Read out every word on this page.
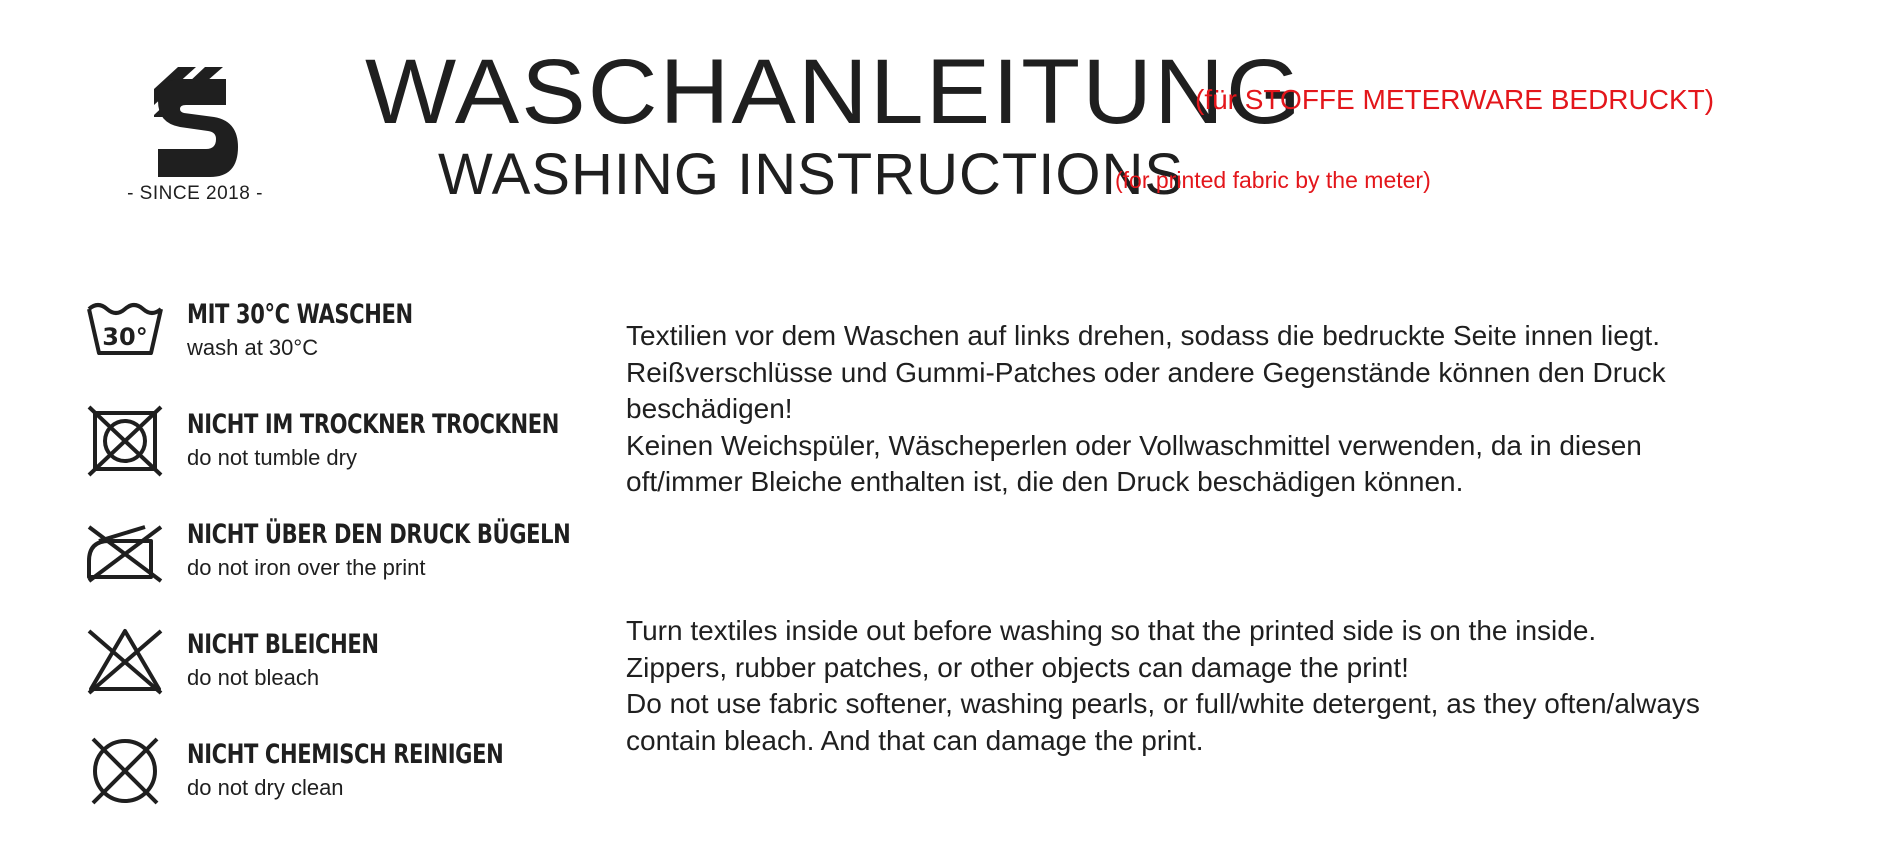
- SINCE 2018 -
WASCHANLEITUNG
(für STOFFE METERWARE BEDRUCKT)
WASHING INSTRUCTIONS
(for printed fabric by the meter)
30°
MIT 30°C WASCHEN
wash at 30°C
NICHT IM TROCKNER TROCKNEN
do not tumble dry
NICHT ÜBER DEN DRUCK BÜGELN
do not iron over the print
NICHT BLEICHEN
do not bleach
NICHT CHEMISCH REINIGEN
do not dry clean
Textilien vor dem Waschen auf links drehen, sodass die bedruckte Seite innen liegt.
Reißverschlüsse und Gummi-Patches oder andere Gegenstände können den Druck
beschädigen!
Keinen Weichspüler, Wäscheperlen oder Vollwaschmittel verwenden, da in diesen
oft/immer Bleiche enthalten ist, die den Druck beschädigen können.
Turn textiles inside out before washing so that the printed side is on the inside.
Zippers, rubber patches, or other objects can damage the print!
Do not use fabric softener, washing pearls, or full/white detergent, as they often/always
contain bleach. And that can damage the print.
